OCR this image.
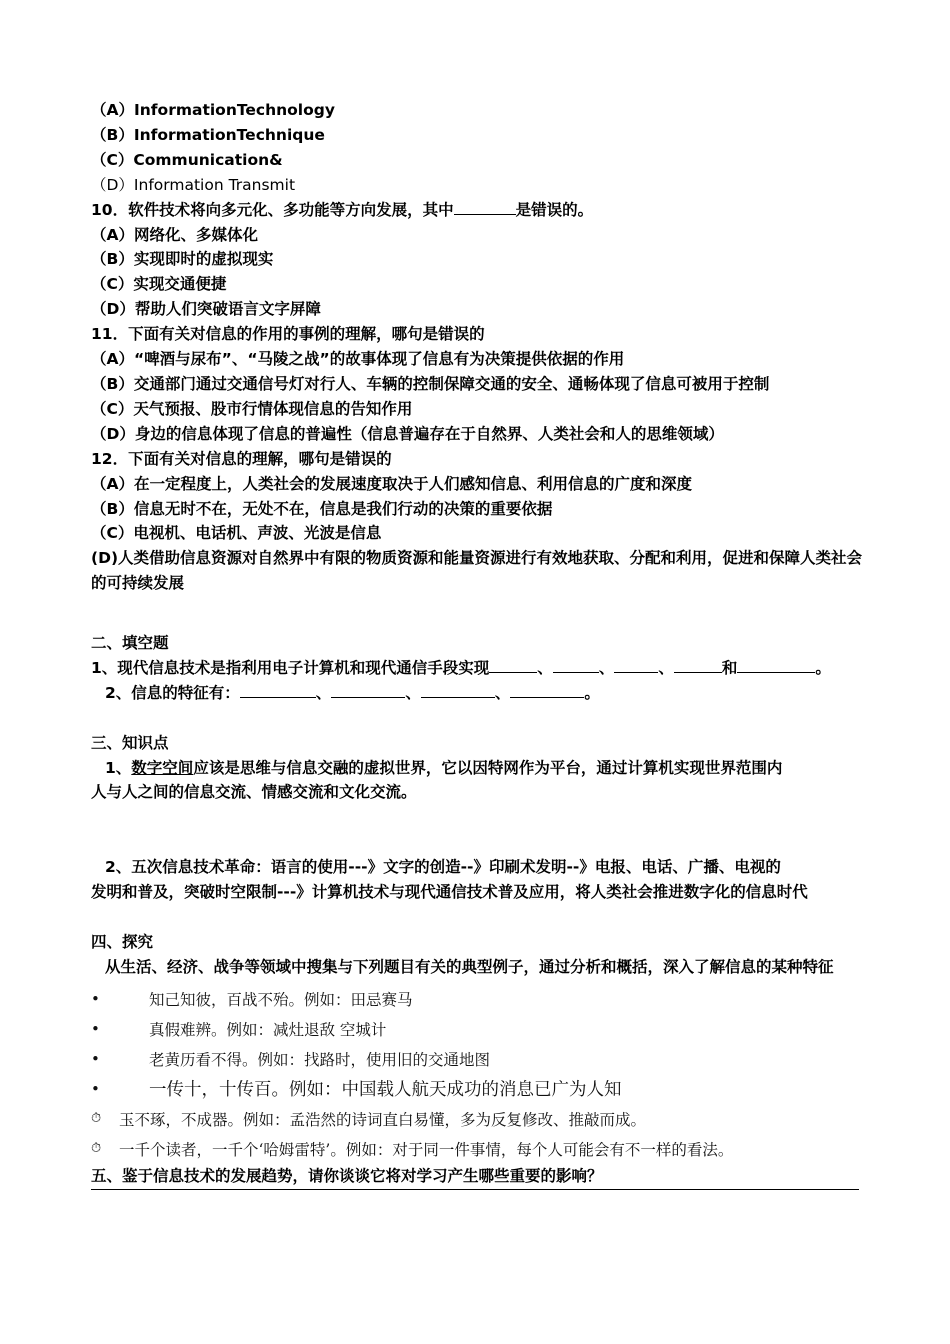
（A）InformationTechnology
（B）InformationTechnique
（C）Communication&
（D）Information Transmit
10．软件技术将向多元化、多功能等方向发展，其中	是错误的。
（A）网络化、多媒体化
（B）实现即时的虚拟现实
（C）实现交通便捷
（D）帮助人们突破语言文字屏障
11．下面有关对信息的作用的事例的理解，哪句是错误的
（A）“啤酒与尿布”、“马陵之战”的故事体现了信息有为决策提供依据的作用
（B）交通部门通过交通信号灯对行人、车辆的控制保障交通的安全、通畅体现了信息可被用于控制
（C）天气预报、股市行情体现信息的告知作用
（D）身边的信息体现了信息的普遍性（信息普遍存在于自然界、人类社会和人的思维领域）
12．下面有关对信息的理解，哪句是错误的
（A）在一定程度上，人类社会的发展速度取决于人们感知信息、利用信息的广度和深度
（B）信息无时不在，无处不在，信息是我们行动的决策的重要依据
（C）电视机、电话机、声波、光波是信息
(D)人类借助信息资源对自然界中有限的物质资源和能量资源进行有效地获取、分配和利用，促进和保障人类社会的可持续发展
二、填空题
1、现代信息技术是指利用电子计算机和现代通信手段实现	、	、	、	和	。
2、信息的特征有：	、	、	、	。
三、知识点
1、数字空间应该是思维与信息交融的虚拟世界，它以因特网作为平台，通过计算机实现世界范围内
人与人之间的信息交流、情感交流和文化交流。
2、五次信息技术革命：语言的使用---》文字的创造--》印刷术发明--》电报、电话、广播、电视的
发明和普及，突破时空限制---》计算机技术与现代通信技术普及应用，将人类社会推进数字化的信息时代
四、探究
从生活、经济、战争等领域中搜集与下列题目有关的典型例子，通过分析和概括，深入了解信息的某种特征
•	知己知彼，百战不殆。例如：田忌赛马
•	真假难辨。例如：减灶退敌 空城计
•	老黄历看不得。例如：找路时，使用旧的交通地图
•	一传十，十传百。例如：中国载人航天成功的消息已广为人知
⏱	玉不琢，不成器。例如：孟浩然的诗词直白易懂，多为反复修改、推敲而成。
⏱	一千个读者，一千个‘哈姆雷特’。例如：对于同一件事情，每个人可能会有不一样的看法。
五、鉴于信息技术的发展趋势，请你谈谈它将对学习产生哪些重要的影响？
